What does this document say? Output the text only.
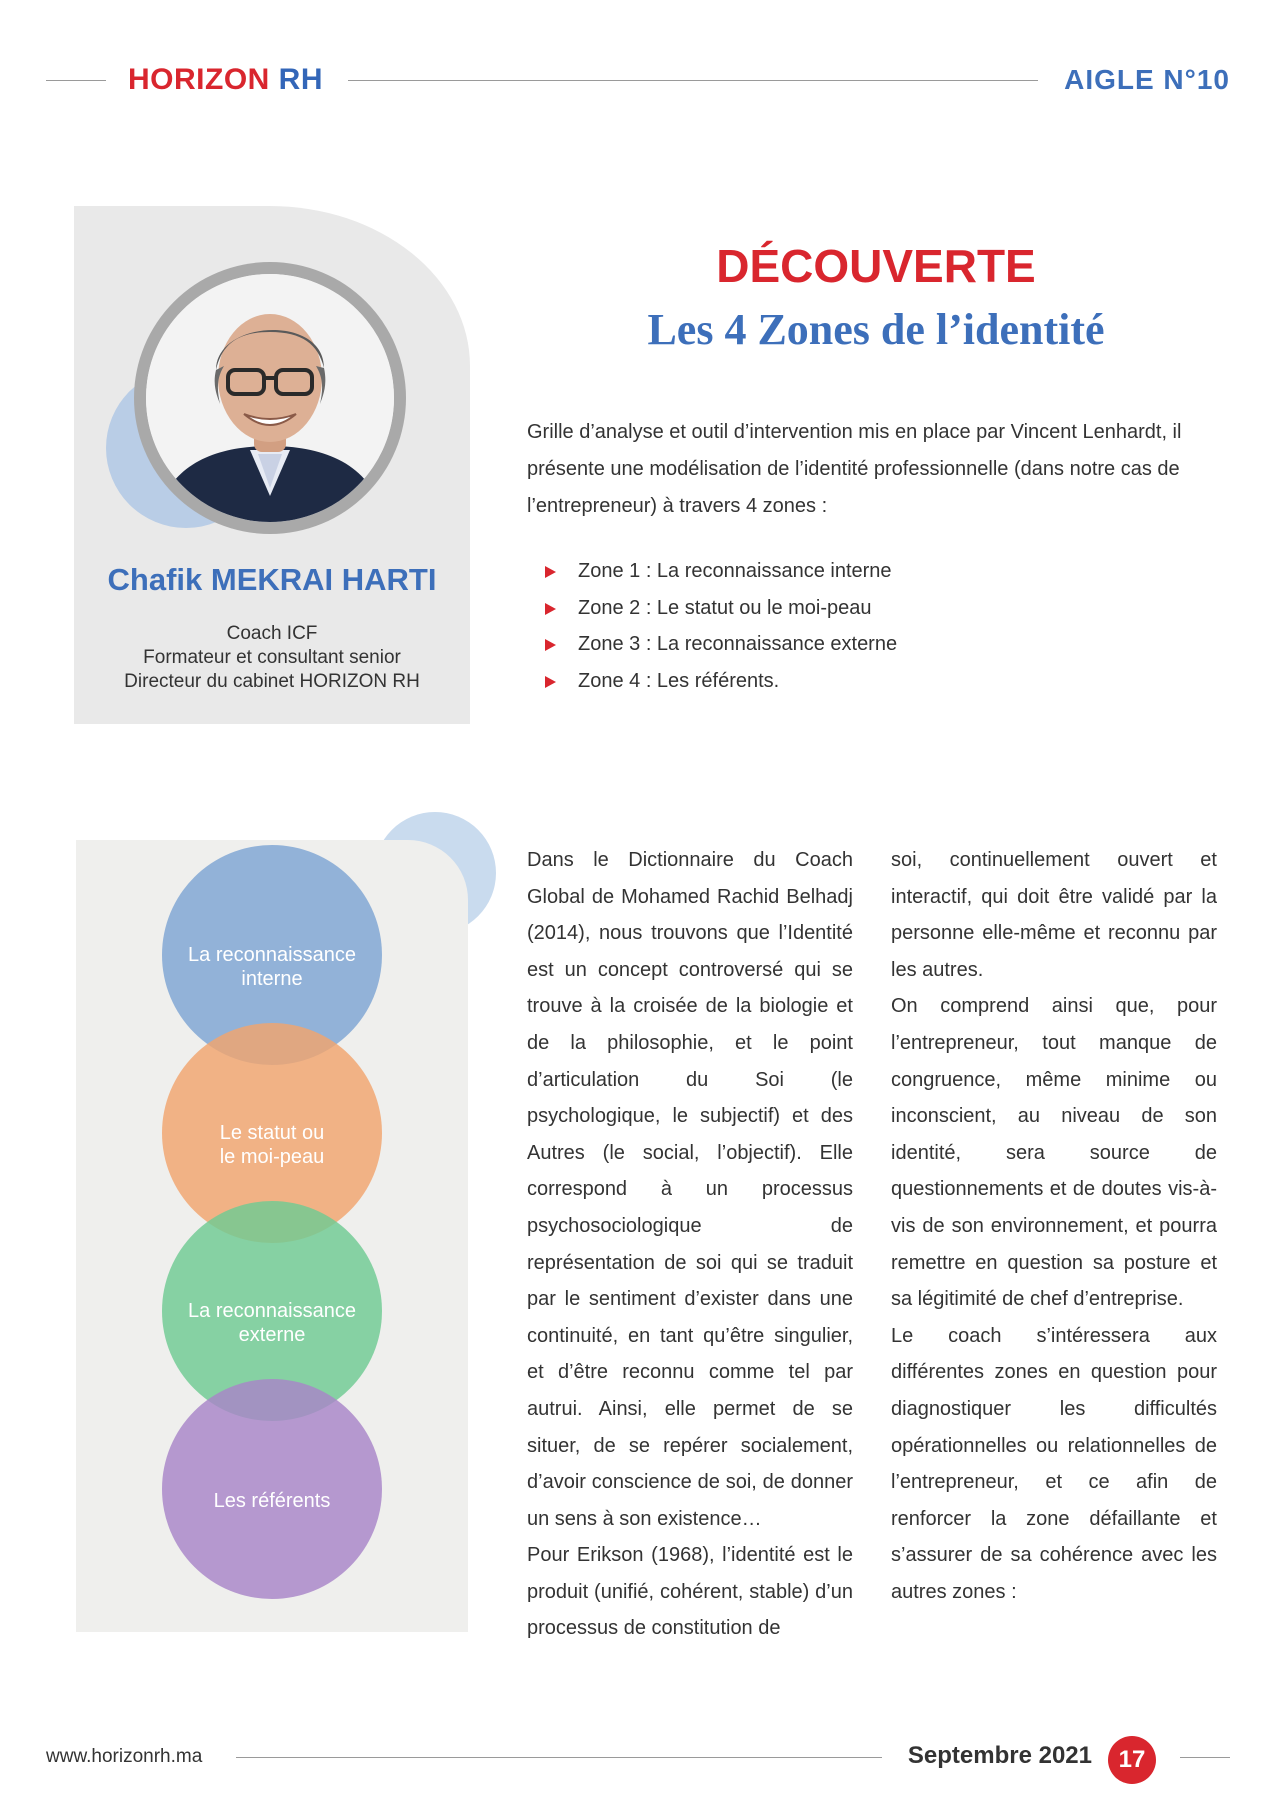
HORIZON RH	AIGLE N°10
Chafik MEKRAI HARTI
Coach ICF
Formateur et consultant senior
Directeur du cabinet HORIZON RH
DÉCOUVERTE
Les 4 Zones de l’identité
Grille d’analyse et outil d’intervention mis en place par Vincent Lenhardt, il présente une modélisation de l’identité professionnelle (dans notre cas de l’entrepreneur) à travers 4 zones :
Zone 1 : La reconnaissance interne
Zone 2 : Le statut ou le moi-peau
Zone 3 : La reconnaissance externe
Zone 4 : Les référents.
La reconnaissance
interne
Le statut ou
le moi-peau
La reconnaissance
externe
Les référents

Dans le Dictionnaire du Coach Global de Mohamed Rachid Belhadj (2014), nous trouvons que l’Identité est un concept controversé qui se trouve à la croisée de la biologie et de la philosophie, et le point d’articulation du Soi (le psychologique, le subjectif) et des Autres (le social, l’objectif). Elle correspond à un processus psychosociologique de représentation de soi qui se traduit par le sentiment d’exister dans une continuité, en tant qu’être singulier, et d’être reconnu comme tel par autrui. Ainsi, elle permet de se situer, de se repérer socialement, d’avoir conscience de soi, de donner un sens à son existence…

Pour Erikson (1968), l’identité est le produit (unifié, cohérent, stable) d’un processus de constitution de

soi, continuellement ouvert et interactif, qui doit être validé par la personne elle-même et reconnu par les autres.

On comprend ainsi que, pour l’entrepreneur, tout manque de congruence, même minime ou inconscient, au niveau de son identité, sera source de questionnements et de doutes vis-à-vis de son environnement, et pourra remettre en question sa posture et sa légitimité de chef d’entreprise.

Le coach s’intéressera aux différentes zones en question pour diagnostiquer les difficultés opérationnelles ou relationnelles de l’entrepreneur, et ce afin de renforcer la zone défaillante et s’assurer de sa cohérence avec les autres zones :

www.horizonrh.ma	Septembre 2021	17
